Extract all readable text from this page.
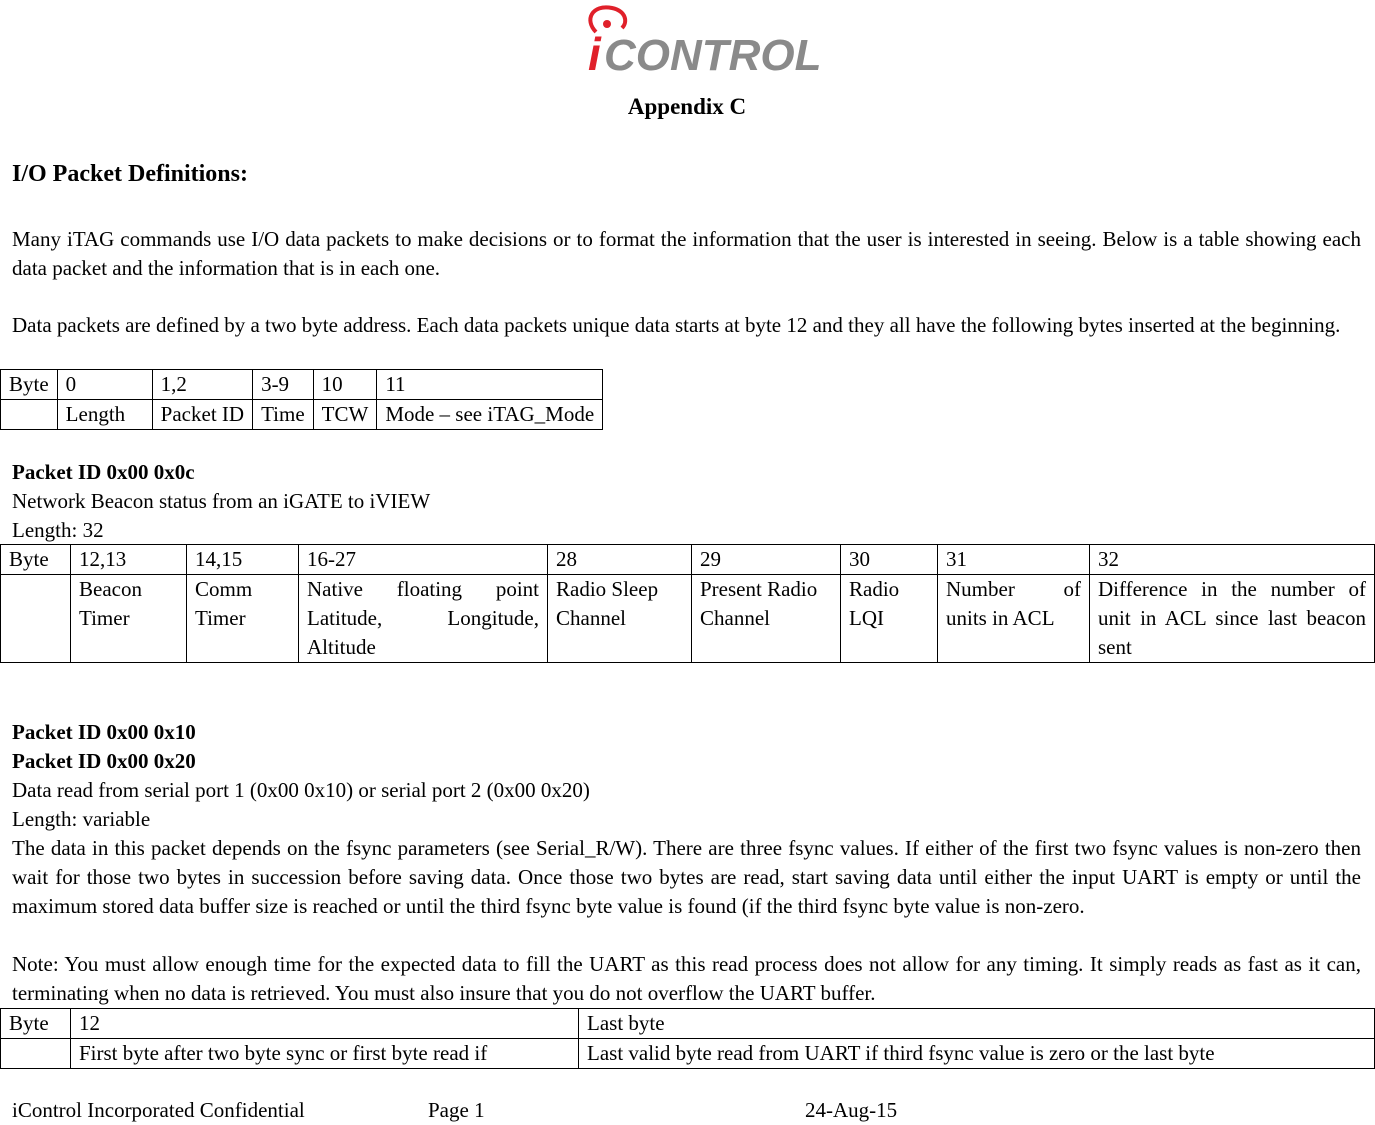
i CONTROL
Appendix C
I/O Packet Definitions:
Many iTAG commands use I/O data packets to make decisions or to format the information that the user is interested in seeing. Below is a table showing each data packet and the information that is in each one.
Data packets are defined by a two byte address. Each data packets unique data starts at byte 12 and they all have the following bytes inserted at the beginning.
Byte	0	1,2	3-9	10	11
	Length	Packet ID	Time	TCW	Mode – see iTAG_Mode
Packet ID 0x00 0x0c
Network Beacon status from an iGATE to iVIEW
Length: 32
Byte	12,13	14,15	16-27	28	29	30	31	32
	Beacon Timer	Comm Timer	Native floating point Latitude, Longitude, Altitude	Radio Sleep Channel	Present Radio Channel	Radio LQI	Number of units in ACL	Difference in the number of unit in ACL since last beacon sent
Packet ID 0x00 0x10
Packet ID 0x00 0x20
Data read from serial port 1 (0x00 0x10) or serial port 2 (0x00 0x20)
Length: variable
The data in this packet depends on the fsync parameters (see Serial_R/W). There are three fsync values. If either of the first two fsync values is non-zero then wait for those two bytes in succession before saving data. Once those two bytes are read, start saving data until either the input UART is empty or until the maximum stored data buffer size is reached or until the third fsync byte value is found (if the third fsync byte value is non-zero.
Note: You must allow enough time for the expected data to fill the UART as this read process does not allow for any timing. It simply reads as fast as it can, terminating when no data is retrieved. You must also insure that you do not overflow the UART buffer.
Byte	12	Last byte
	First byte after two byte sync or first byte read if	Last valid byte read from UART if third fsync value is zero or the last byte
iControl Incorporated Confidential	Page 1	24-Aug-15
